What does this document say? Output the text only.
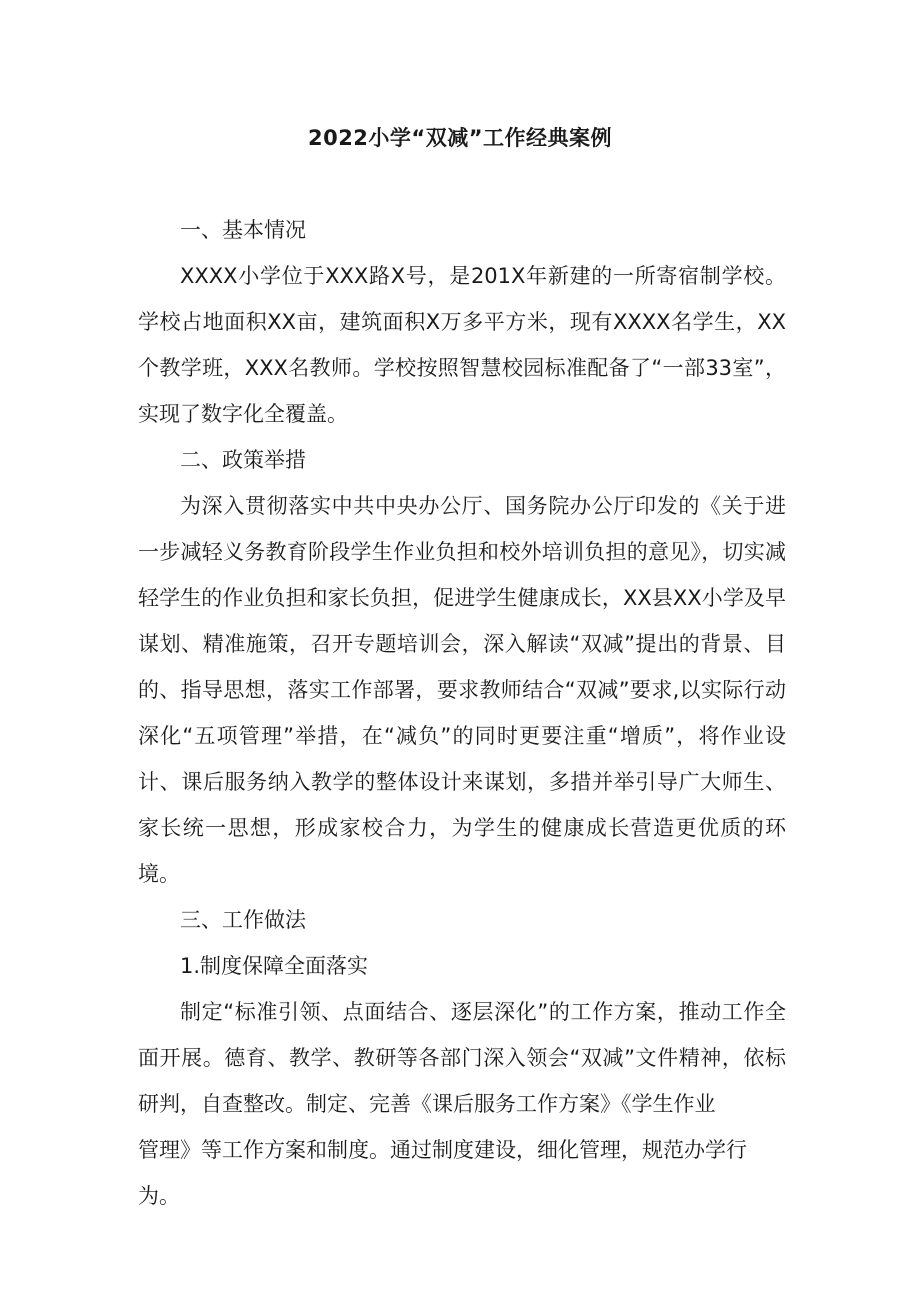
2022小学“双减”工作经典案例

一、基本情况

XXXX小学位于XXX路X号，是201X年新建的一所寄宿制学校。学校占地面积XX亩，建筑面积X万多平方米，现有XXXX名学生，XX个教学班，XXX名教师。学校按照智慧校园标准配备了“一部33室”，实现了数字化全覆盖。

二、政策举措

为深入贯彻落实中共中央办公厅、国务院办公厅印发的《关于进一步减轻义务教育阶段学生作业负担和校外培训负担的意见》，切实减轻学生的作业负担和家长负担，促进学生健康成长，XX县XX小学及早谋划、精准施策，召开专题培训会，深入解读“双减”提出的背景、目的、指导思想，落实工作部署，要求教师结合“双减”要求,以实际行动深化“五项管理”举措，在“减负”的同时更要注重“增质”，将作业设计、课后服务纳入教学的整体设计来谋划，多措并举引导广大师生、家长统一思想，形成家校合力，为学生的健康成长营造更优质的环境。

三、工作做法

1.制度保障全面落实

制定“标准引领、点面结合、逐层深化”的工作方案，推动工作全面开展。德育、教学、教研等各部门深入领会“双减”文件精神，依标研判，自查整改。制定、完善《课后服务工作方案》《学生作业

管理》等工作方案和制度。通过制度建设，细化管理，规范办学行为。
